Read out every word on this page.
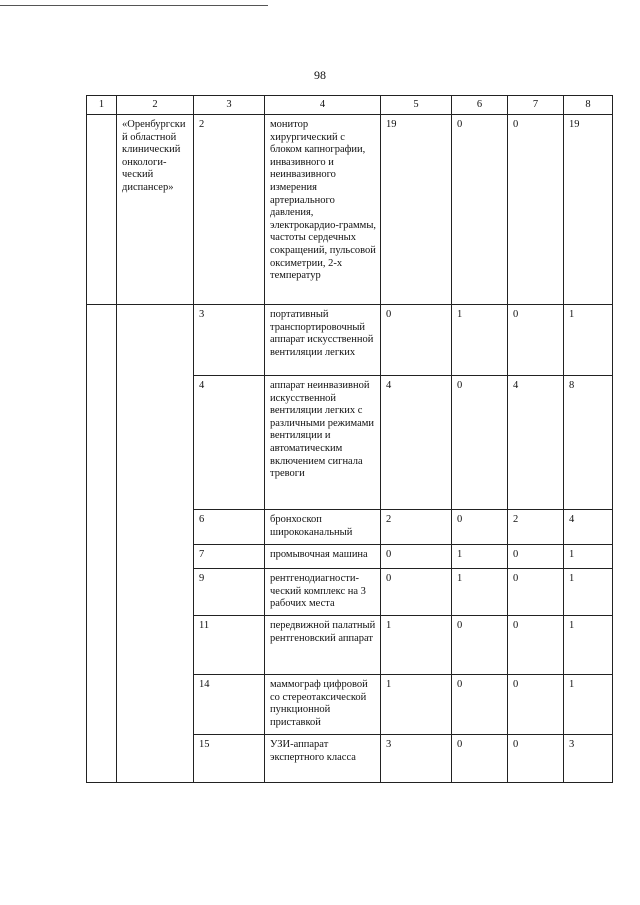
98
1	2	3	4	5	6	7	8
	«Оренбургский областной клинический онкологи-ческий диспансер»	2	монитор хирургический с блоком капнографии, инвазивного и неинвазивного измерения артериального давления, электрокардио-граммы, частоты сердечных сокращений, пульсовой оксиметрии, 2-х температур	19	0	0	19
		3	портативный транспортировочный аппарат искусственной вентиляции легких	0	1	0	1
		4	аппарат неинвазивной искусственной вентиляции легких с различными режимами вентиляции и автоматическим включением сигнала тревоги	4	0	4	8
		6	бронхоскоп ширококанальный	2	0	2	4
		7	промывочная машина	0	1	0	1
		9	рентгенодиагности-ческий комплекс на 3 рабочих места	0	1	0	1
		11	передвижной палатный рентгеновский аппарат	1	0	0	1
		14	маммограф цифровой со стереотаксической пункционной приставкой	1	0	0	1
		15	УЗИ-аппарат экспертного класса	3	0	0	3
